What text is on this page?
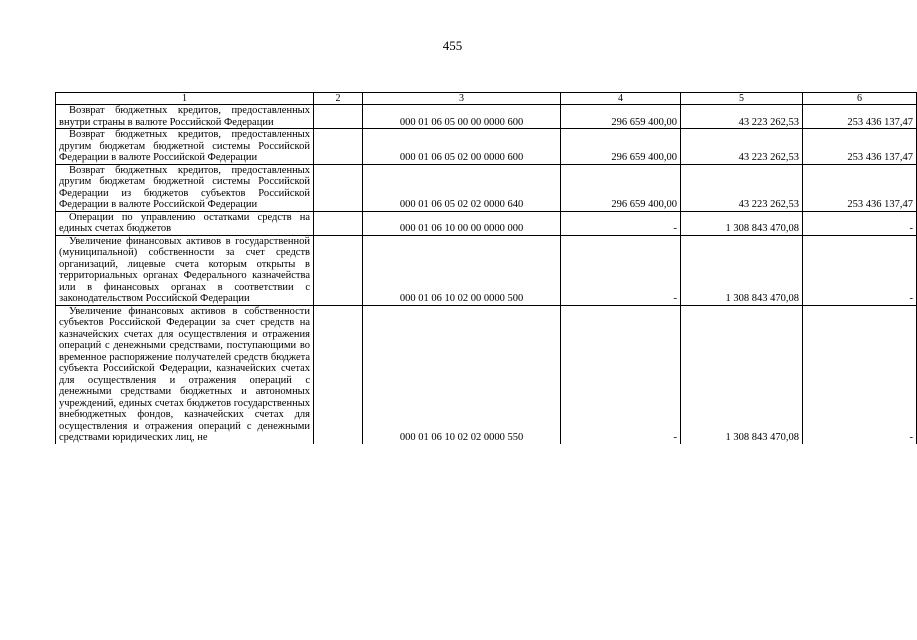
455
1	2	3	4	5	6
Возврат бюджетных кредитов, предоставленных внутри страны в валюте Российской Федерации		000 01 06 05 00 00 0000 600	296 659 400,00	43 223 262,53	253 436 137,47
Возврат бюджетных кредитов, предоставленных другим бюджетам бюджетной системы Российской Федерации в валюте Российской Федерации		000 01 06 05 02 00 0000 600	296 659 400,00	43 223 262,53	253 436 137,47
Возврат бюджетных кредитов, предоставленных другим бюджетам бюджетной системы Российской Федерации из бюджетов субъектов Российской Федерации в валюте Российской Федерации		000 01 06 05 02 02 0000 640	296 659 400,00	43 223 262,53	253 436 137,47
Операции по управлению остатками средств на единых счетах бюджетов		000 01 06 10 00 00 0000 000	-	1 308 843 470,08	-
Увеличение финансовых активов в государственной (муниципальной) собственности за счет средств организаций, лицевые счета которым открыты в территориальных органах Федерального казначейства или в финансовых органах в соответствии с законодательством Российской Федерации		000 01 06 10 02 00 0000 500	-	1 308 843 470,08	-
Увеличение финансовых активов в собственности субъектов Российской Федерации за счет средств на казначейских счетах для осуществления и отражения операций с денежными средствами, поступающими во временное распоряжение получателей средств бюджета субъекта Российской Федерации, казначейских счетах для осуществления и отражения операций с денежными средствами бюджетных и автономных учреждений, единых счетах бюджетов государственных внебюджетных фондов, казначейских счетах для осуществления и отражения операций с денежными средствами юридических лиц, не		000 01 06 10 02 02 0000 550	-	1 308 843 470,08	-
